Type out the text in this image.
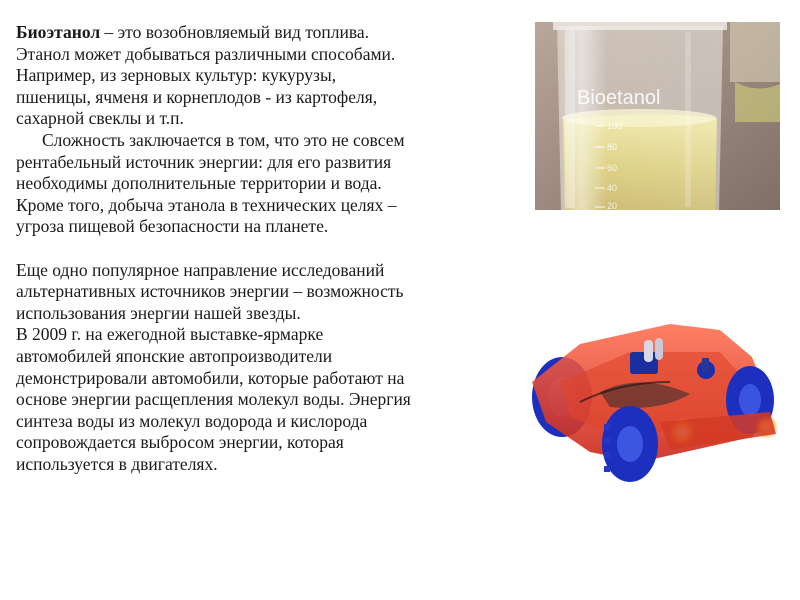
Биоэтанол – это возобновляемый вид топлива.

Этанол может добываться различными способами.

Например, из зерновых культур: кукурузы,

пшеницы, ячменя и корнеплодов - из картофеля,

сахарной свеклы и т.п.

Сложность заключается в том, что это не совсем

рентабельный источник энергии: для его развития

необходимы дополнительные территории и вода.

Кроме того, добыча этанола в технических целях –

угроза пищевой безопасности на планете.

Еще одно популярное направление исследований

альтернативных источников энергии – возможность

использования энергии нашей звезды.

В 2009 г. на ежегодной выставке-ярмарке

автомобилей японские автопроизводители

демонстрировали автомобили, которые работают на

основе энергии расщепления молекул воды. Энергия

синтеза воды из молекул водорода и кислорода

сопровождается выбросом энергии, которая

используется в двигателях.

Bioetanol
100
80
60
40
20
